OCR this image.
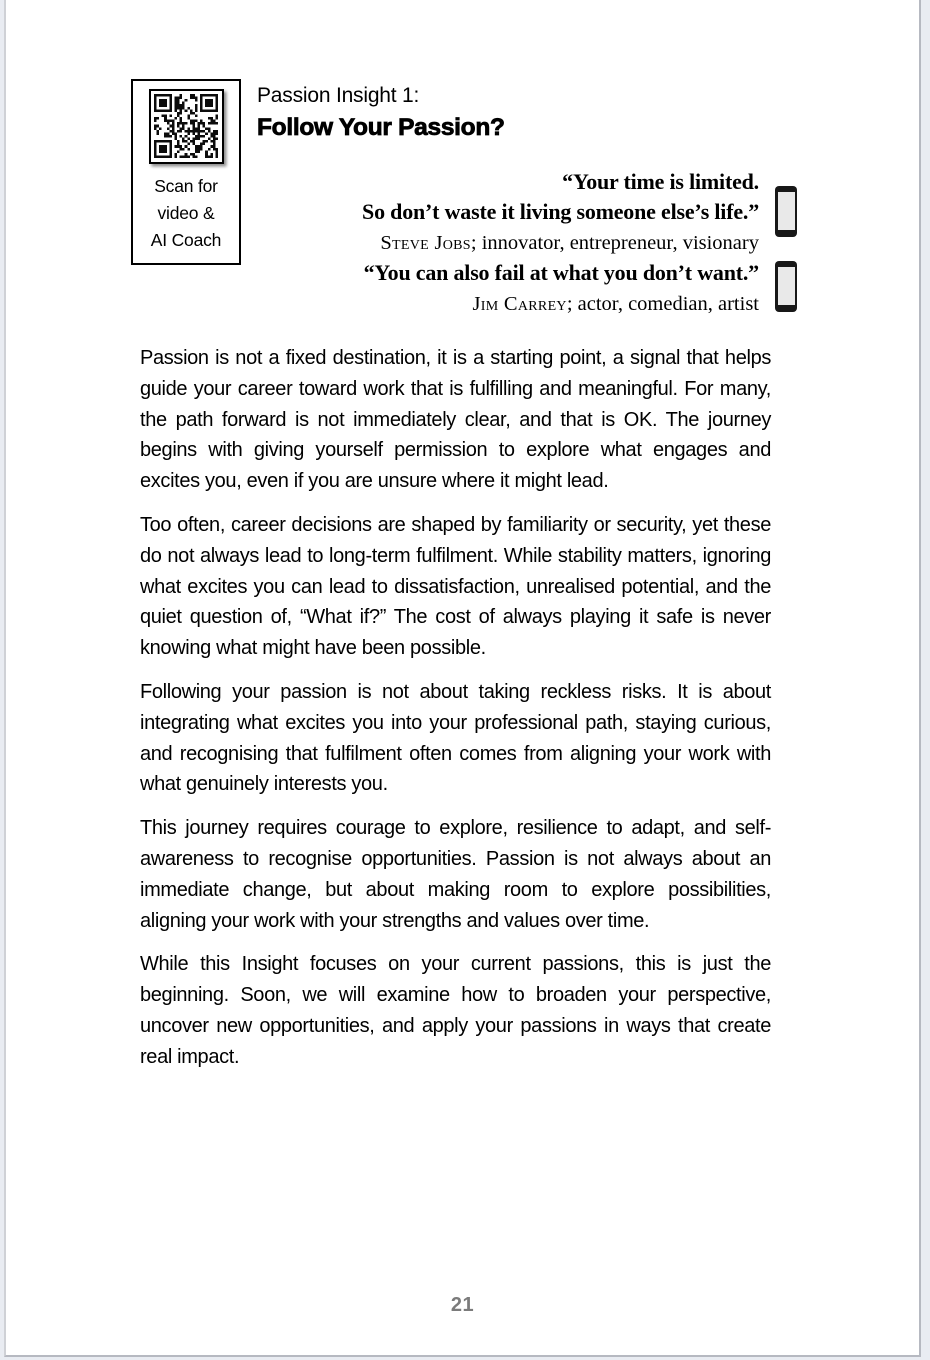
Scan for
video &
AI Coach
Passion Insight 1:
Follow Your Passion?
“Your time is limited.
So don’t waste it living someone else’s life.”
Steve Jobs; innovator, entrepreneur, visionary
“You can also fail at what you don’t want.”
Jim Carrey; actor, comedian, artist

Passion is not a fixed destination, it is a starting point, a signal that helps guide your career toward work that is fulfilling and meaningful. For many, the path forward is not immediately clear, and that is OK. The journey begins with giving yourself permission to explore what engages and excites you, even if you are unsure where it might lead.

Too often, career decisions are shaped by familiarity or security, yet these do not always lead to long-term fulfilment. While stability matters, ignoring what excites you can lead to dissatisfaction, unrealised potential, and the quiet question of, “What if?” The cost of always playing it safe is never knowing what might have been possible.

Following your passion is not about taking reckless risks. It is about integrating what excites you into your professional path, staying curious, and recognising that fulfilment often comes from aligning your work with what genuinely interests you.

This journey requires courage to explore, resilience to adapt, and self-awareness to recognise opportunities. Passion is not always about an immediate change, but about making room to explore possibilities, aligning your work with your strengths and values over time.

While this Insight focuses on your current passions, this is just the beginning. Soon, we will examine how to broaden your perspective, uncover new opportunities, and apply your passions in ways that create real impact.

21
